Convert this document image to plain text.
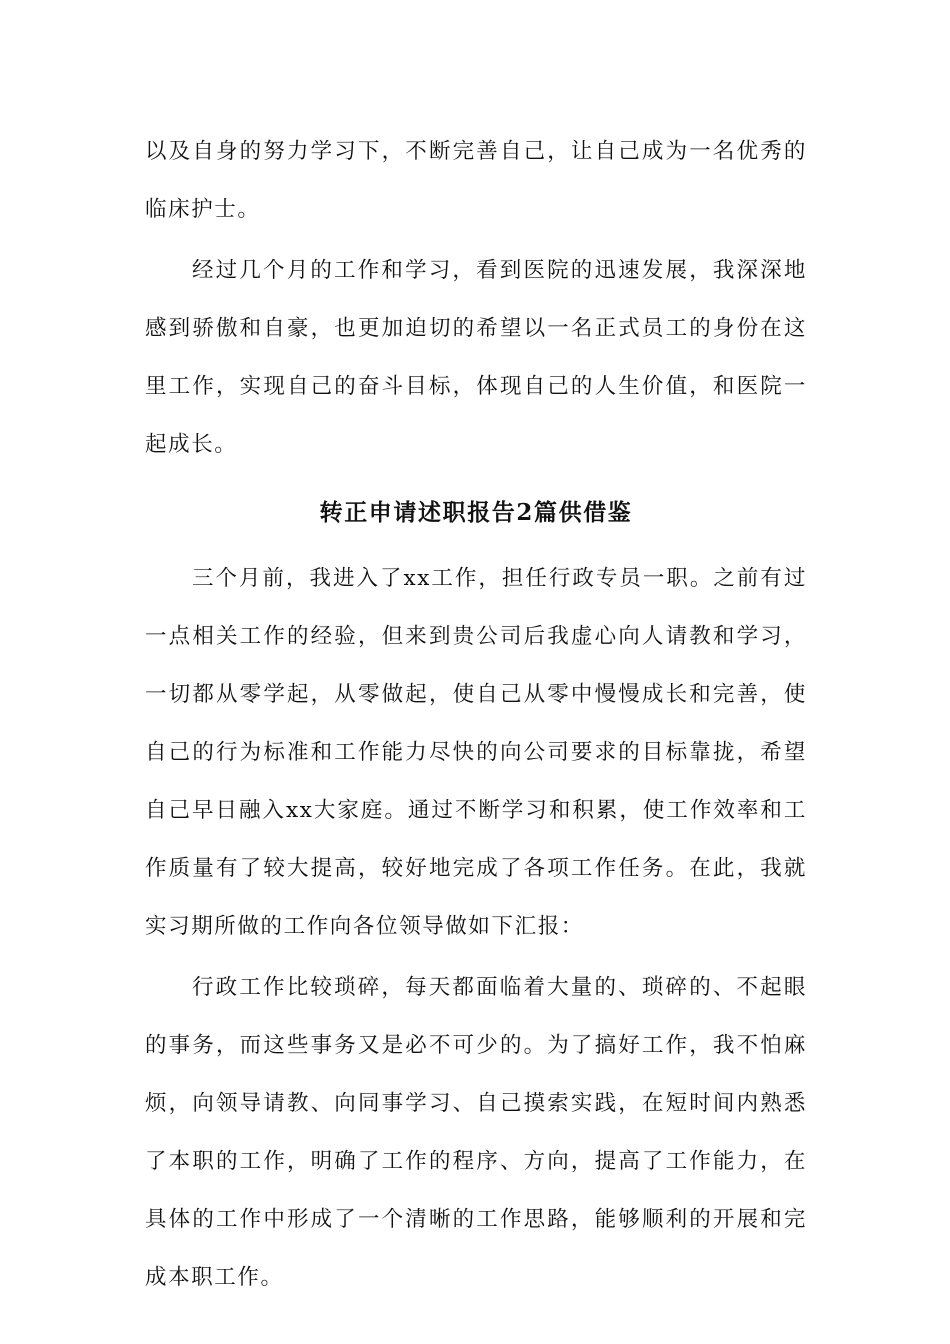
以及自身的努力学习下，不断完善自己，让自己成为一名优秀的临床护士。

经过几个月的工作和学习，看到医院的迅速发展，我深深地感到骄傲和自豪，也更加迫切的希望以一名正式员工的身份在这里工作，实现自己的奋斗目标，体现自己的人生价值，和医院一起成长。

转正申请述职报告2篇供借鉴

三个月前，我进入了xx工作，担任行政专员一职。之前有过一点相关工作的经验，但来到贵公司后我虚心向人请教和学习，一切都从零学起，从零做起，使自己从零中慢慢成长和完善，使自己的行为标准和工作能力尽快的向公司要求的目标靠拢，希望自己早日融入xx大家庭。通过不断学习和积累，使工作效率和工作质量有了较大提高，较好地完成了各项工作任务。在此，我就实习期所做的工作向各位领导做如下汇报：

行政工作比较琐碎，每天都面临着大量的、琐碎的、不起眼的事务，而这些事务又是必不可少的。为了搞好工作，我不怕麻烦，向领导请教、向同事学习、自己摸索实践，在短时间内熟悉了本职的工作，明确了工作的程序、方向，提高了工作能力，在具体的工作中形成了一个清晰的工作思路，能够顺利的开展和完成本职工作。
